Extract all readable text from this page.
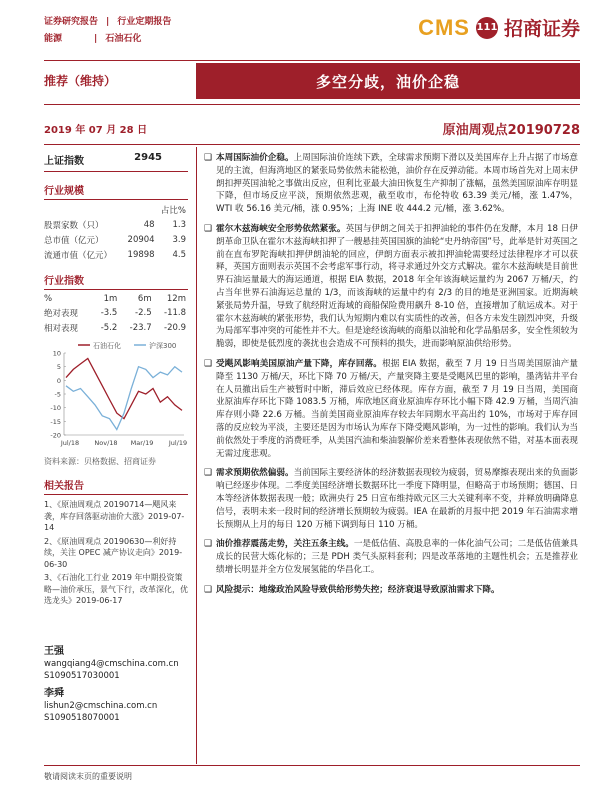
证券研究报告 | 行业定期报告
能源	| 石油石化	CMS 111 招商证券
推荐（维持）	多空分歧，油价企稳
2019 年 07 月 28 日	原油周观点20190728
上证指数	2945
行业规模
		占比%
股票家数（只）	48	1.3
总市值（亿元）	20904	3.9
流通市值（亿元）	19898	4.5
行业指数
%	1m	6m	12m
绝对表现	-3.5	-2.5	-11.8
相对表现	-5.2	-23.7	-20.9
石油石化	沪深300
10
5
0
-5
-10
-15
-20
Jul/18 Nov/18 Mar/19 Jul/19
资料来源：贝格数据、招商证券
相关报告
1、《原油周观点 20190714—飓风来袭，库存回落驱动油价大涨》2019-07-14
2、《原油周观点 20190630—利好持续，关注 OPEC 减产协议走向》2019-06-30
3、《石油化工行业 2019 年中期投资策略—油价承压，景气下行，改革深化，优选龙头》2019-06-17
王强
wangqiang4@cmschina.com.cn
S1090517030001
李舜
lishun2@cmschina.com.cn
S1090518070001
❑ 本周国际油价企稳。上周国际油价连续下跌，全球需求预期下滑以及美国库存上升占据了市场意见的主流，但海湾地区的紧张局势依然未能松弛，油价存在反弹动能。本周市场首先对上周末伊朗扣押英国油轮之事做出反应，但利比亚最大油田恢复生产抑制了涨幅，虽然美国原油库存明显下降，但市场反应平淡，预期依然悲观，截至收市，布伦特收 63.39 美元/桶，涨 1.47%，WTI 收 56.16 美元/桶，涨 0.95%；上海 INE 收 444.2 元/桶，涨 3.62%。
❑ 霍尔木兹海峡安全形势依然紧张。英国与伊朗之间关于扣押油轮的事件仍在发酵，本月 18 日伊朗革命卫队在霍尔木兹海峡扣押了一艘悬挂英国国旗的油轮“史丹纳帝国”号，此举是针对英国之前在直布罗陀海峡扣押伊朗油轮的回应，伊朗方面表示被扣押油轮需要经过法律程序才可以获释，英国方面则表示英国不会考虑军事行动，将寻求通过外交方式解决。霍尔木兹海峡是目前世界石油运量最大的海运通道，根据 EIA 数据，2018 年全年该海峡运量约为 2067 万桶/天，约占当年世界石油海运总量的 1/3，而该海峡的运量中约有 2/3 的目的地是亚洲国家。近期海峡紧张局势升温，导致了航经附近海域的商船保险费用飙升 8-10 倍，直接增加了航运成本。对于霍尔木兹海峡的紧张形势，我们认为短期内难以有实质性的改善，但各方未发生剧烈冲突，升级为局部军事冲突的可能性并不大。但是途经该海峡的商船以油轮和化学品船居多，安全性须较为脆弱，即使是低烈度的袭扰也会造成不可预料的损失，进而影响原油供给形势。
❑ 受飓风影响美国原油产量下降，库存回落。根据 EIA 数据，截至 7 月 19 日当周美国原油产量降至 1130 万桶/天，环比下降 70 万桶/天，产量突降主要是受飓风巴里的影响，墨湾钻井平台在人员撤出后生产被暂时中断，滞后效应已经体现。库存方面，截至 7 月 19 日当周，美国商业原油库存环比下降 1083.5 万桶，库欣地区商业原油库存环比小幅下降 42.9 万桶，当周汽油库存则小降 22.6 万桶。当前美国商业原油库存较去年同期水平高出约 10%，市场对于库存回落的反应较为平淡，主要还是因为市场认为库存下降受飓风影响，为一过性的影响。我们认为当前依然处于季度的消费旺季，从美国汽油和柴油裂解价差来看整体表现依然不错，对基本面表现无需过度悲观。
❑ 需求预期依然偏弱。当前国际主要经济体的经济数据表现较为疲弱，贸易摩擦表现出来的负面影响已经逐步体现。二季度美国经济增长数据环比一季度下降明显，但略高于市场预期；德国、日本等经济体数据表现一般；欧洲央行 25 日宣布维持欧元区三大关键利率不变，并释放明确降息信号，表明未来一段时间的经济增长预期较为疲弱。IEA 在最新的月报中把 2019 年石油需求增长预期从上月的每日 120 万桶下调到每日 110 万桶。
❑ 油价推荐震荡走势，关注五条主线。一是低估值、高股息率的一体化油气公司；二是低估值兼具成长的民营大炼化标的；三是 PDH 类气头原料套利；四是改革落地的主题性机会；五是推荐业绩增长明显并全方位发展氢能的华昌化工。
❑ 风险提示：地缘政治风险导致供给形势失控；经济衰退导致原油需求下降。
敬请阅读末页的重要说明
